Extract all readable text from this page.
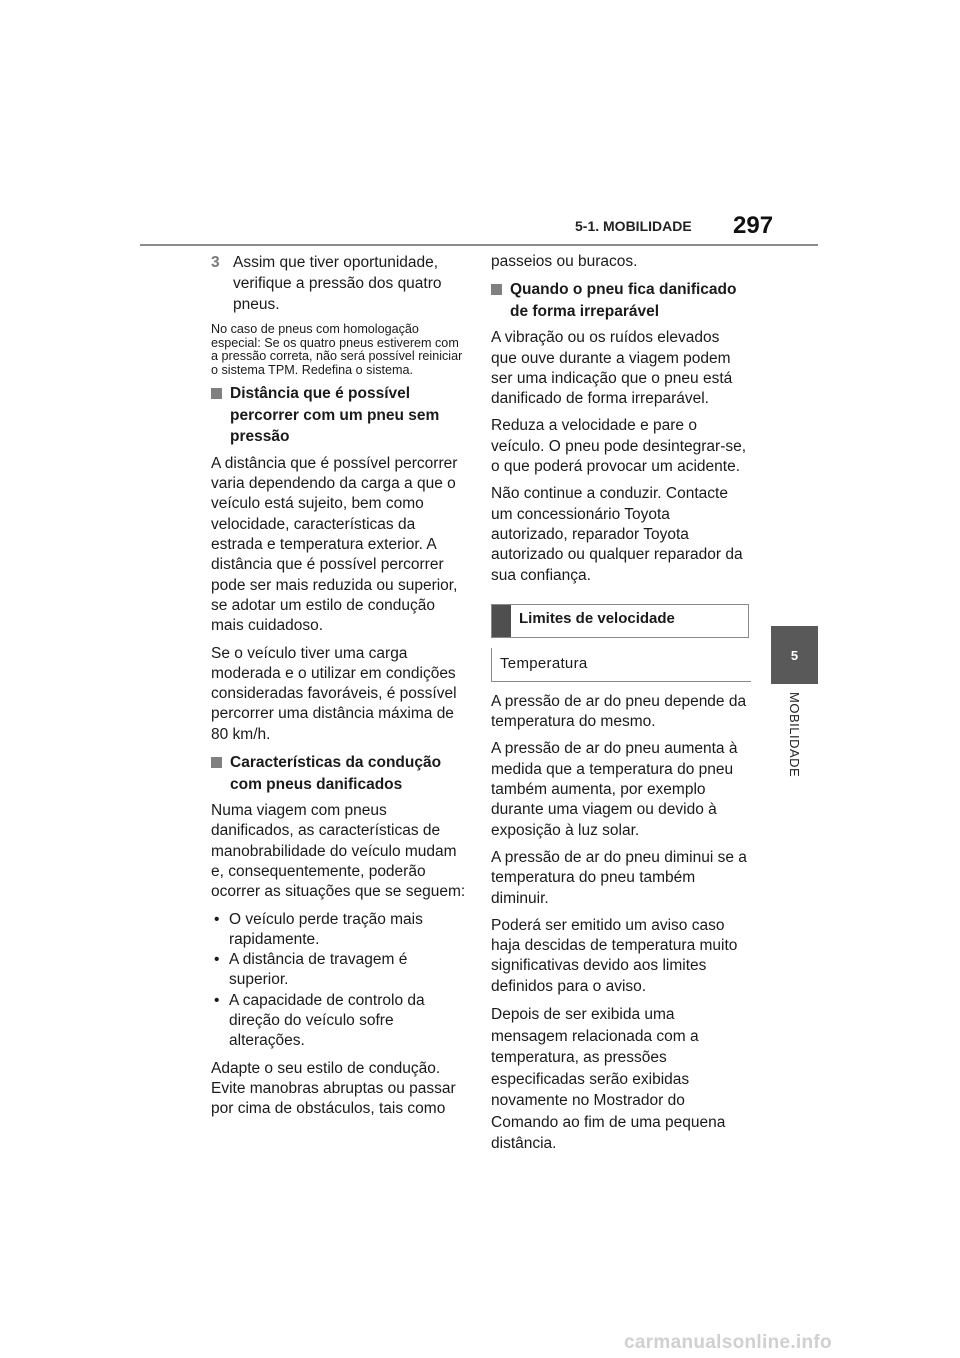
5-1. MOBILIDADE 297
5
MOBILIDADE
3 Assim que tiver oportunidade, verifique a pressão dos quatro pneus.

No caso de pneus com homologação especial: Se os quatro pneus estiverem com a pressão correta, não será possível reiniciar o sistema TPM. Redefina o sistema.

Distância que é possível percorrer com um pneu sem pressão

A distância que é possível percorrer varia dependendo da carga a que o veículo está sujeito, bem como velocidade, características da estrada e temperatura exterior. A distância que é possível percorrer pode ser mais reduzida ou superior, se adotar um estilo de condução mais cuidadoso.

Se o veículo tiver uma carga moderada e o utilizar em condições consideradas favoráveis, é possível percorrer uma distância máxima de 80 km/h.

Características da condução com pneus danificados

Numa viagem com pneus danificados, as características de manobrabilidade do veículo mudam e, consequentemente, poderão ocorrer as situações que se seguem:

• O veículo perde tração mais rapidamente.
• A distância de travagem é superior.
• A capacidade de controlo da direção do veículo sofre alterações.

Adapte o seu estilo de condução. Evite manobras abruptas ou passar por cima de obstáculos, tais como

passeios ou buracos.

Quando o pneu fica danificado de forma irreparável

A vibração ou os ruídos elevados que ouve durante a viagem podem ser uma indicação que o pneu está danificado de forma irreparável.

Reduza a velocidade e pare o veículo. O pneu pode desintegrar-se, o que poderá provocar um acidente.

Não continue a conduzir. Contacte um concessionário Toyota autorizado, reparador Toyota autorizado ou qualquer reparador da sua confiança.

Limites de velocidade
Temperatura

A pressão de ar do pneu depende da temperatura do mesmo.

A pressão de ar do pneu aumenta à medida que a temperatura do pneu também aumenta, por exemplo durante uma viagem ou devido à exposição à luz solar.

A pressão de ar do pneu diminui se a temperatura do pneu também diminuir.

Poderá ser emitido um aviso caso haja descidas de temperatura muito significativas devido aos limites definidos para o aviso.

Depois de ser exibida uma mensagem relacionada com a temperatura, as pressões especificadas serão exibidas novamente no Mostrador do Comando ao fim de uma pequena distância.

carmanualsonline.info
